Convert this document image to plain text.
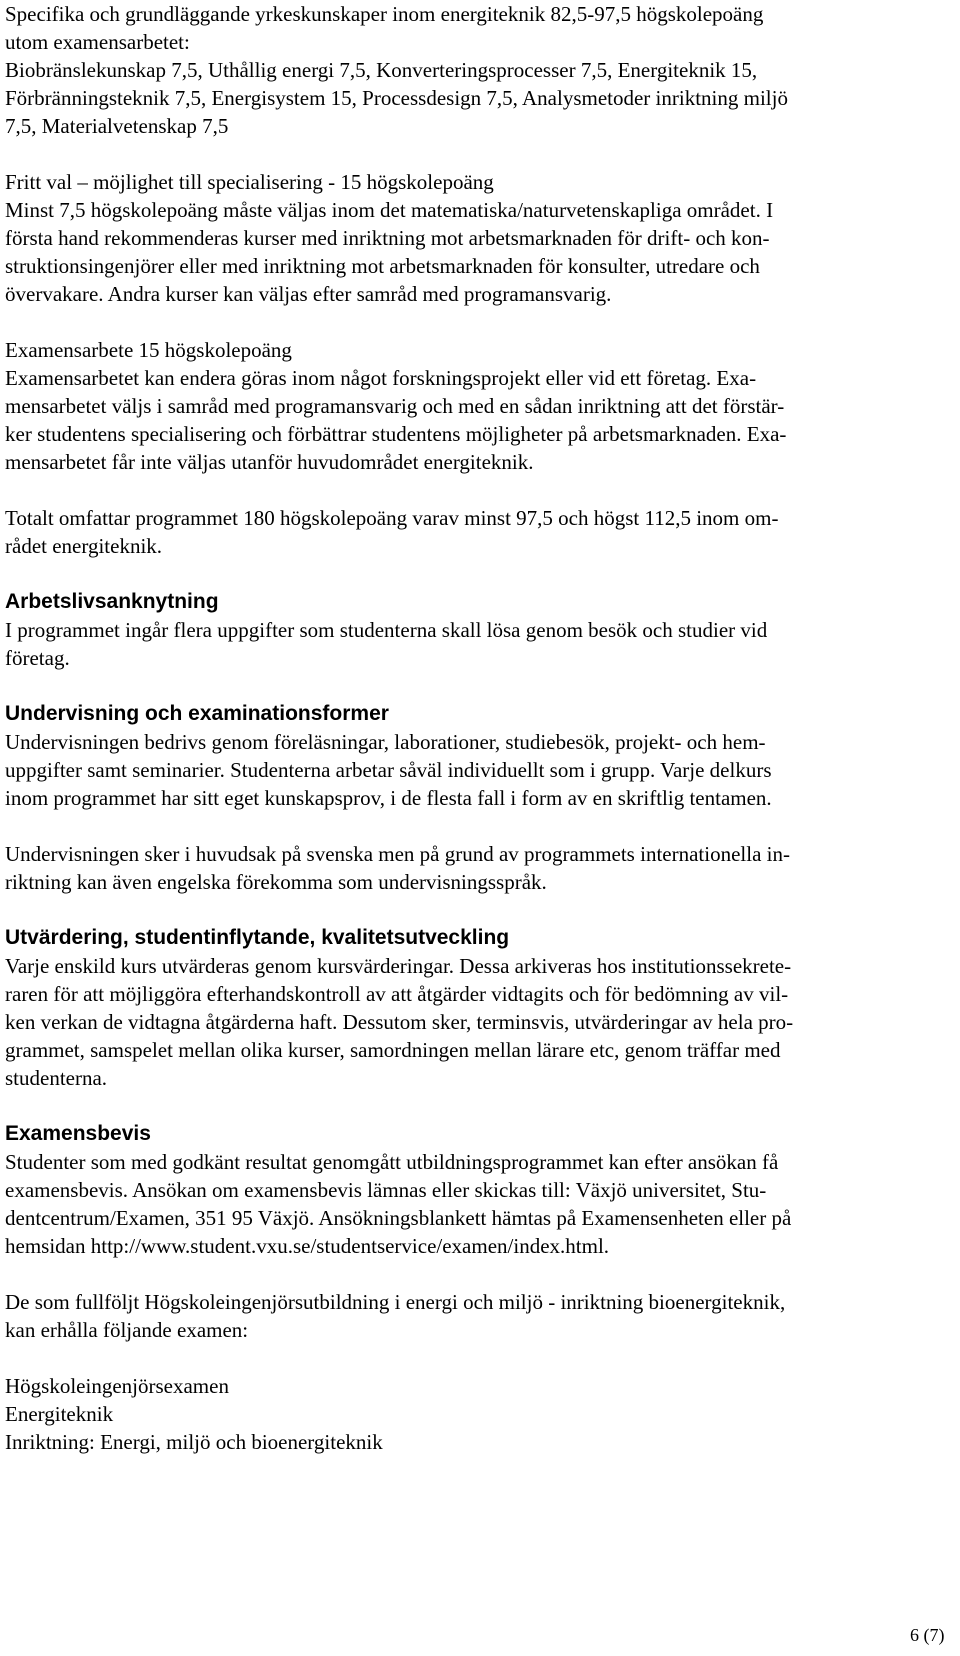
Specifika och grundläggande yrkeskunskaper inom energiteknik 82,5-97,5 högskolepoäng
utom examensarbetet:
Biobränslekunskap 7,5, Uthållig energi 7,5, Konverteringsprocesser 7,5, Energiteknik 15,
Förbränningsteknik 7,5, Energisystem 15, Processdesign 7,5, Analysmetoder inriktning miljö
7,5, Materialvetenskap 7,5
Fritt val – möjlighet till specialisering - 15 högskolepoäng
Minst 7,5 högskolepoäng måste väljas inom det matematiska/naturvetenskapliga området. I
första hand rekommenderas kurser med inriktning mot arbetsmarknaden för drift- och kon-
struktionsingenjörer eller med inriktning mot arbetsmarknaden för konsulter, utredare och
övervakare. Andra kurser kan väljas efter samråd med programansvarig.
Examensarbete 15 högskolepoäng
Examensarbetet kan endera göras inom något forskningsprojekt eller vid ett företag. Exa-
mensarbetet väljs i samråd med programansvarig och med en sådan inriktning att det förstär-
ker studentens specialisering och förbättrar studentens möjligheter på arbetsmarknaden. Exa-
mensarbetet får inte väljas utanför huvudområdet energiteknik.
Totalt omfattar programmet 180 högskolepoäng varav minst 97,5 och högst 112,5 inom om-
rådet energiteknik.
Arbetslivsanknytning
I programmet ingår flera uppgifter som studenterna skall lösa genom besök och studier vid
företag.
Undervisning och examinationsformer
Undervisningen bedrivs genom föreläsningar, laborationer, studiebesök, projekt- och hem-
uppgifter samt seminarier. Studenterna arbetar såväl individuellt som i grupp. Varje delkurs
inom programmet har sitt eget kunskapsprov, i de flesta fall i form av en skriftlig tentamen.
Undervisningen sker i huvudsak på svenska men på grund av programmets internationella in-
riktning kan även engelska förekomma som undervisningsspråk.
Utvärdering, studentinflytande, kvalitetsutveckling
Varje enskild kurs utvärderas genom kursvärderingar. Dessa arkiveras hos institutionssekrete-
raren för att möjliggöra efterhandskontroll av att åtgärder vidtagits och för bedömning av vil-
ken verkan de vidtagna åtgärderna haft. Dessutom sker, terminsvis, utvärderingar av hela pro-
grammet, samspelet mellan olika kurser, samordningen mellan lärare etc, genom träffar med
studenterna.
Examensbevis
Studenter som med godkänt resultat genomgått utbildningsprogrammet kan efter ansökan få
examensbevis. Ansökan om examensbevis lämnas eller skickas till: Växjö universitet, Stu-
dentcentrum/Examen, 351 95 Växjö. Ansökningsblankett hämtas på Examensenheten eller på
hemsidan http://www.student.vxu.se/studentservice/examen/index.html.
De som fullföljt Högskoleingenjörsutbildning i energi och miljö - inriktning bioenergiteknik,
kan erhålla följande examen:
Högskoleingenjörsexamen
Energiteknik
Inriktning: Energi, miljö och bioenergiteknik
6 (7)
